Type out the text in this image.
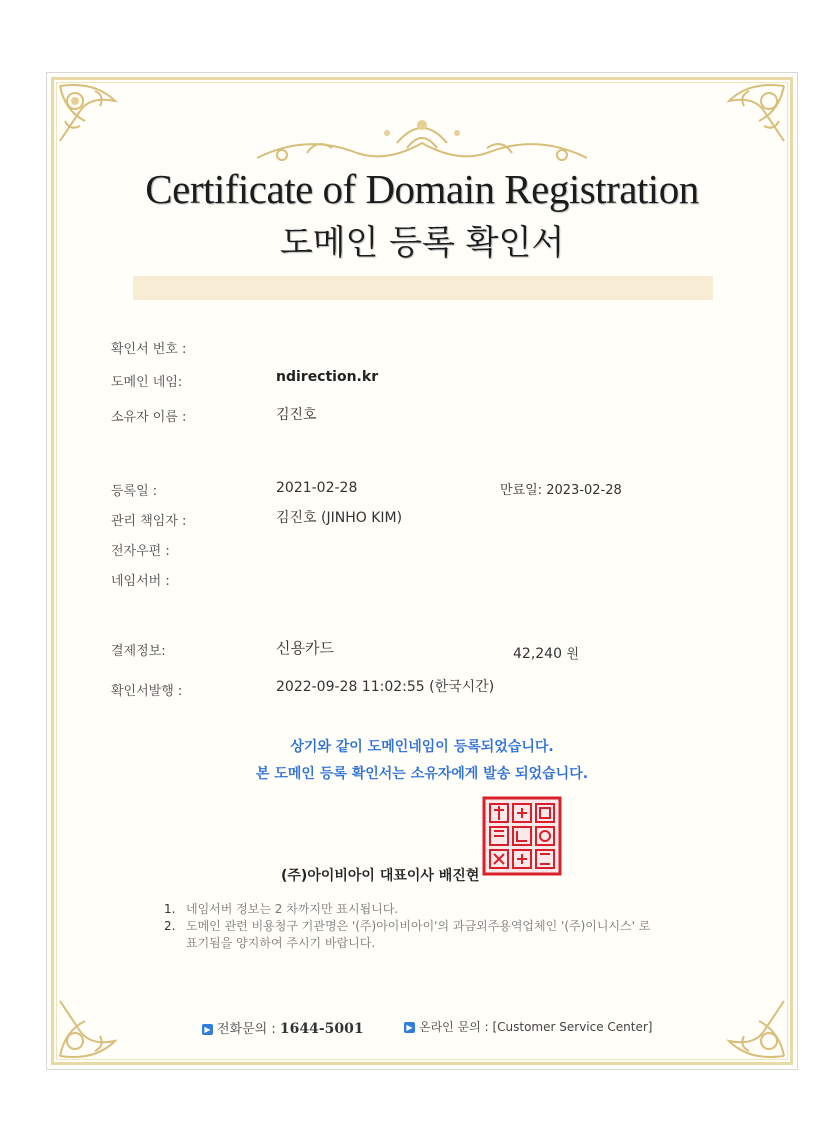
Certificate of Domain Registration
도메인 등록 확인서
확인서 번호 :
도메인 네임:	ndirection.kr
소유자 이름 :	김진호
등록일 :	2021-02-28	만료일: 2023-02-28
관리 책임자 :	김진호 (JINHO KIM)
전자우편 :
네임서버 :
결제정보:	신용카드	42,240 원
확인서발행 :	2022-09-28 11:02:55 (한국시간)
상기와 같이 도메인네임이 등록되었습니다.
본 도메인 등록 확인서는 소유자에게 발송 되었습니다.
(주)아이비아이 대표이사 배진현
1. 네임서버 정보는 2 차까지만 표시됩니다.
2. 도메인 관련 비용청구 기관명은 '(주)아이비아이'의 과금외주용역업체인 '(주)이니시스' 로
표기됨을 양지하여 주시기 바랍니다.
▶ 전화문의 : 1644-5001	▶ 온라인 문의 : [Customer Service Center]
